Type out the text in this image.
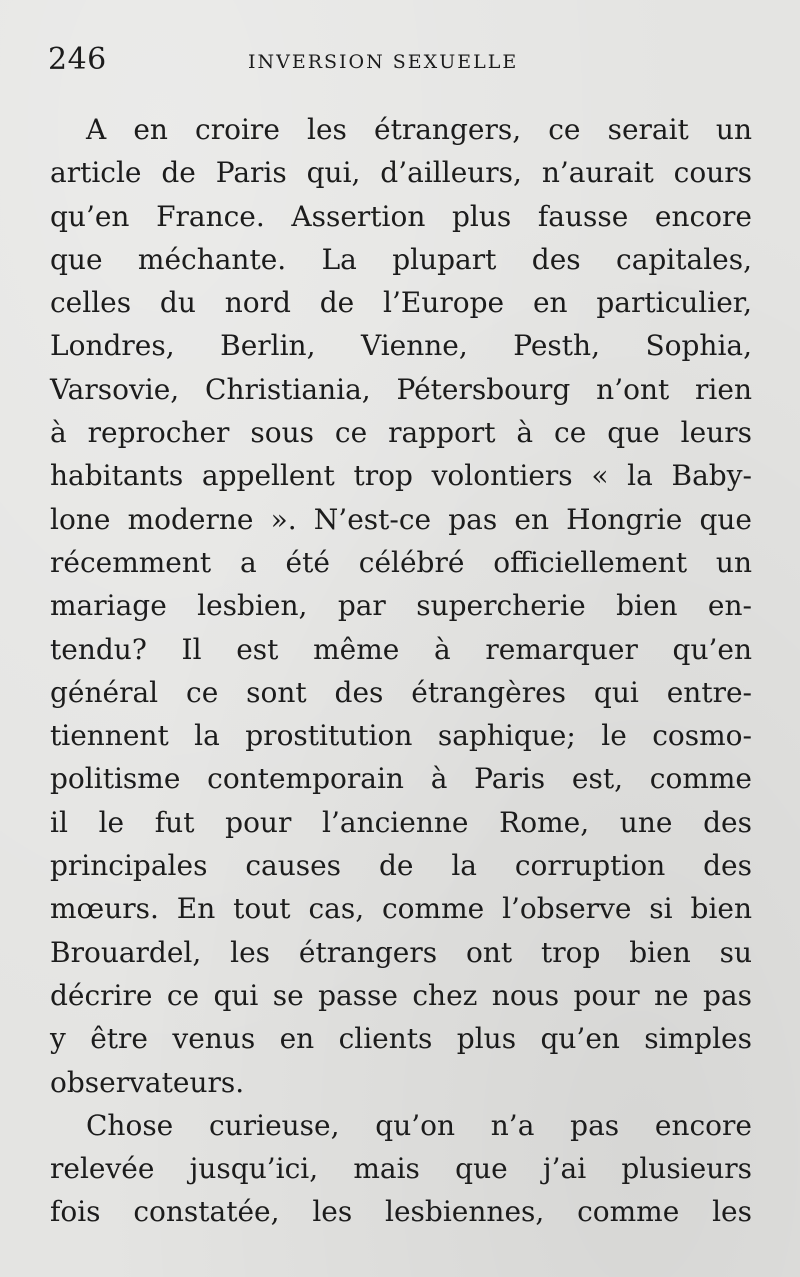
246	INVERSION SEXUELLE
A en croire les étrangers, ce serait un
article de Paris qui, d’ailleurs, n’aurait cours
qu’en France. Assertion plus fausse encore
que méchante. La plupart des capitales,
celles du nord de l’Europe en particulier,
Londres, Berlin, Vienne, Pesth, Sophia,
Varsovie, Christiania, Pétersbourg n’ont rien
à reprocher sous ce rapport à ce que leurs
habitants appellent trop volontiers « la Baby-
lone moderne ». N’est-ce pas en Hongrie que
récemment a été célébré officiellement un
mariage lesbien, par supercherie bien en-
tendu? Il est même à remarquer qu’en
général ce sont des étrangères qui entre-
tiennent la prostitution saphique; le cosmo-
politisme contemporain à Paris est, comme
il le fut pour l’ancienne Rome, une des
principales causes de la corruption des
mœurs. En tout cas, comme l’observe si bien
Brouardel, les étrangers ont trop bien su
décrire ce qui se passe chez nous pour ne pas
y être venus en clients plus qu’en simples
observateurs.
Chose curieuse, qu’on n’a pas encore
relevée jusqu’ici, mais que j’ai plusieurs
fois constatée, les lesbiennes, comme les
